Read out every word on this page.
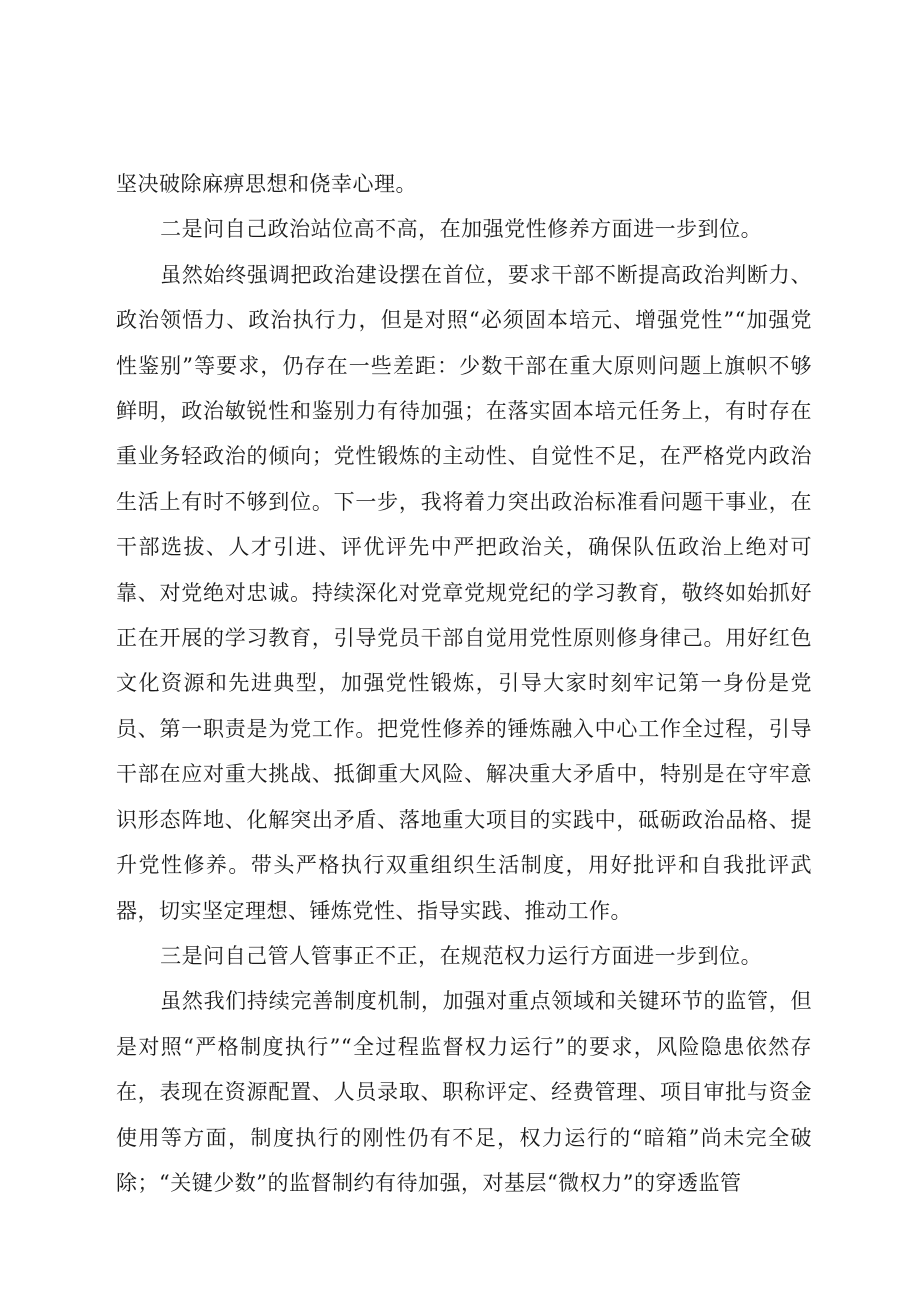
坚决破除麻痹思想和侥幸心理。

二是问自己政治站位高不高，在加强党性修养方面进一步到位。

虽然始终强调把政治建设摆在首位，要求干部不断提高政治判断力、政治领悟力、政治执行力，但是对照“必须固本培元、增强党性”“加强党性鉴别”等要求，仍存在一些差距：少数干部在重大原则问题上旗帜不够鲜明，政治敏锐性和鉴别力有待加强；在落实固本培元任务上，有时存在重业务轻政治的倾向；党性锻炼的主动性、自觉性不足，在严格党内政治生活上有时不够到位。下一步，我将着力突出政治标准看问题干事业，在干部选拔、人才引进、评优评先中严把政治关，确保队伍政治上绝对可靠、对党绝对忠诚。持续深化对党章党规党纪的学习教育，敬终如始抓好正在开展的学习教育，引导党员干部自觉用党性原则修身律己。用好红色文化资源和先进典型，加强党性锻炼，引导大家时刻牢记第一身份是党员、第一职责是为党工作。把党性修养的锤炼融入中心工作全过程，引导干部在应对重大挑战、抵御重大风险、解决重大矛盾中，特别是在守牢意识形态阵地、化解突出矛盾、落地重大项目的实践中，砥砺政治品格、提升党性修养。带头严格执行双重组织生活制度，用好批评和自我批评武器，切实坚定理想、锤炼党性、指导实践、推动工作。

三是问自己管人管事正不正，在规范权力运行方面进一步到位。

虽然我们持续完善制度机制，加强对重点领域和关键环节的监管，但是对照“严格制度执行”“全过程监督权力运行”的要求，风险隐患依然存在，表现在资源配置、人员录取、职称评定、经费管理、项目审批与资金使用等方面，制度执行的刚性仍有不足，权力运行的“暗箱”尚未完全破除；“关键少数”的监督制约有待加强，对基层“微权力”的穿透监管
